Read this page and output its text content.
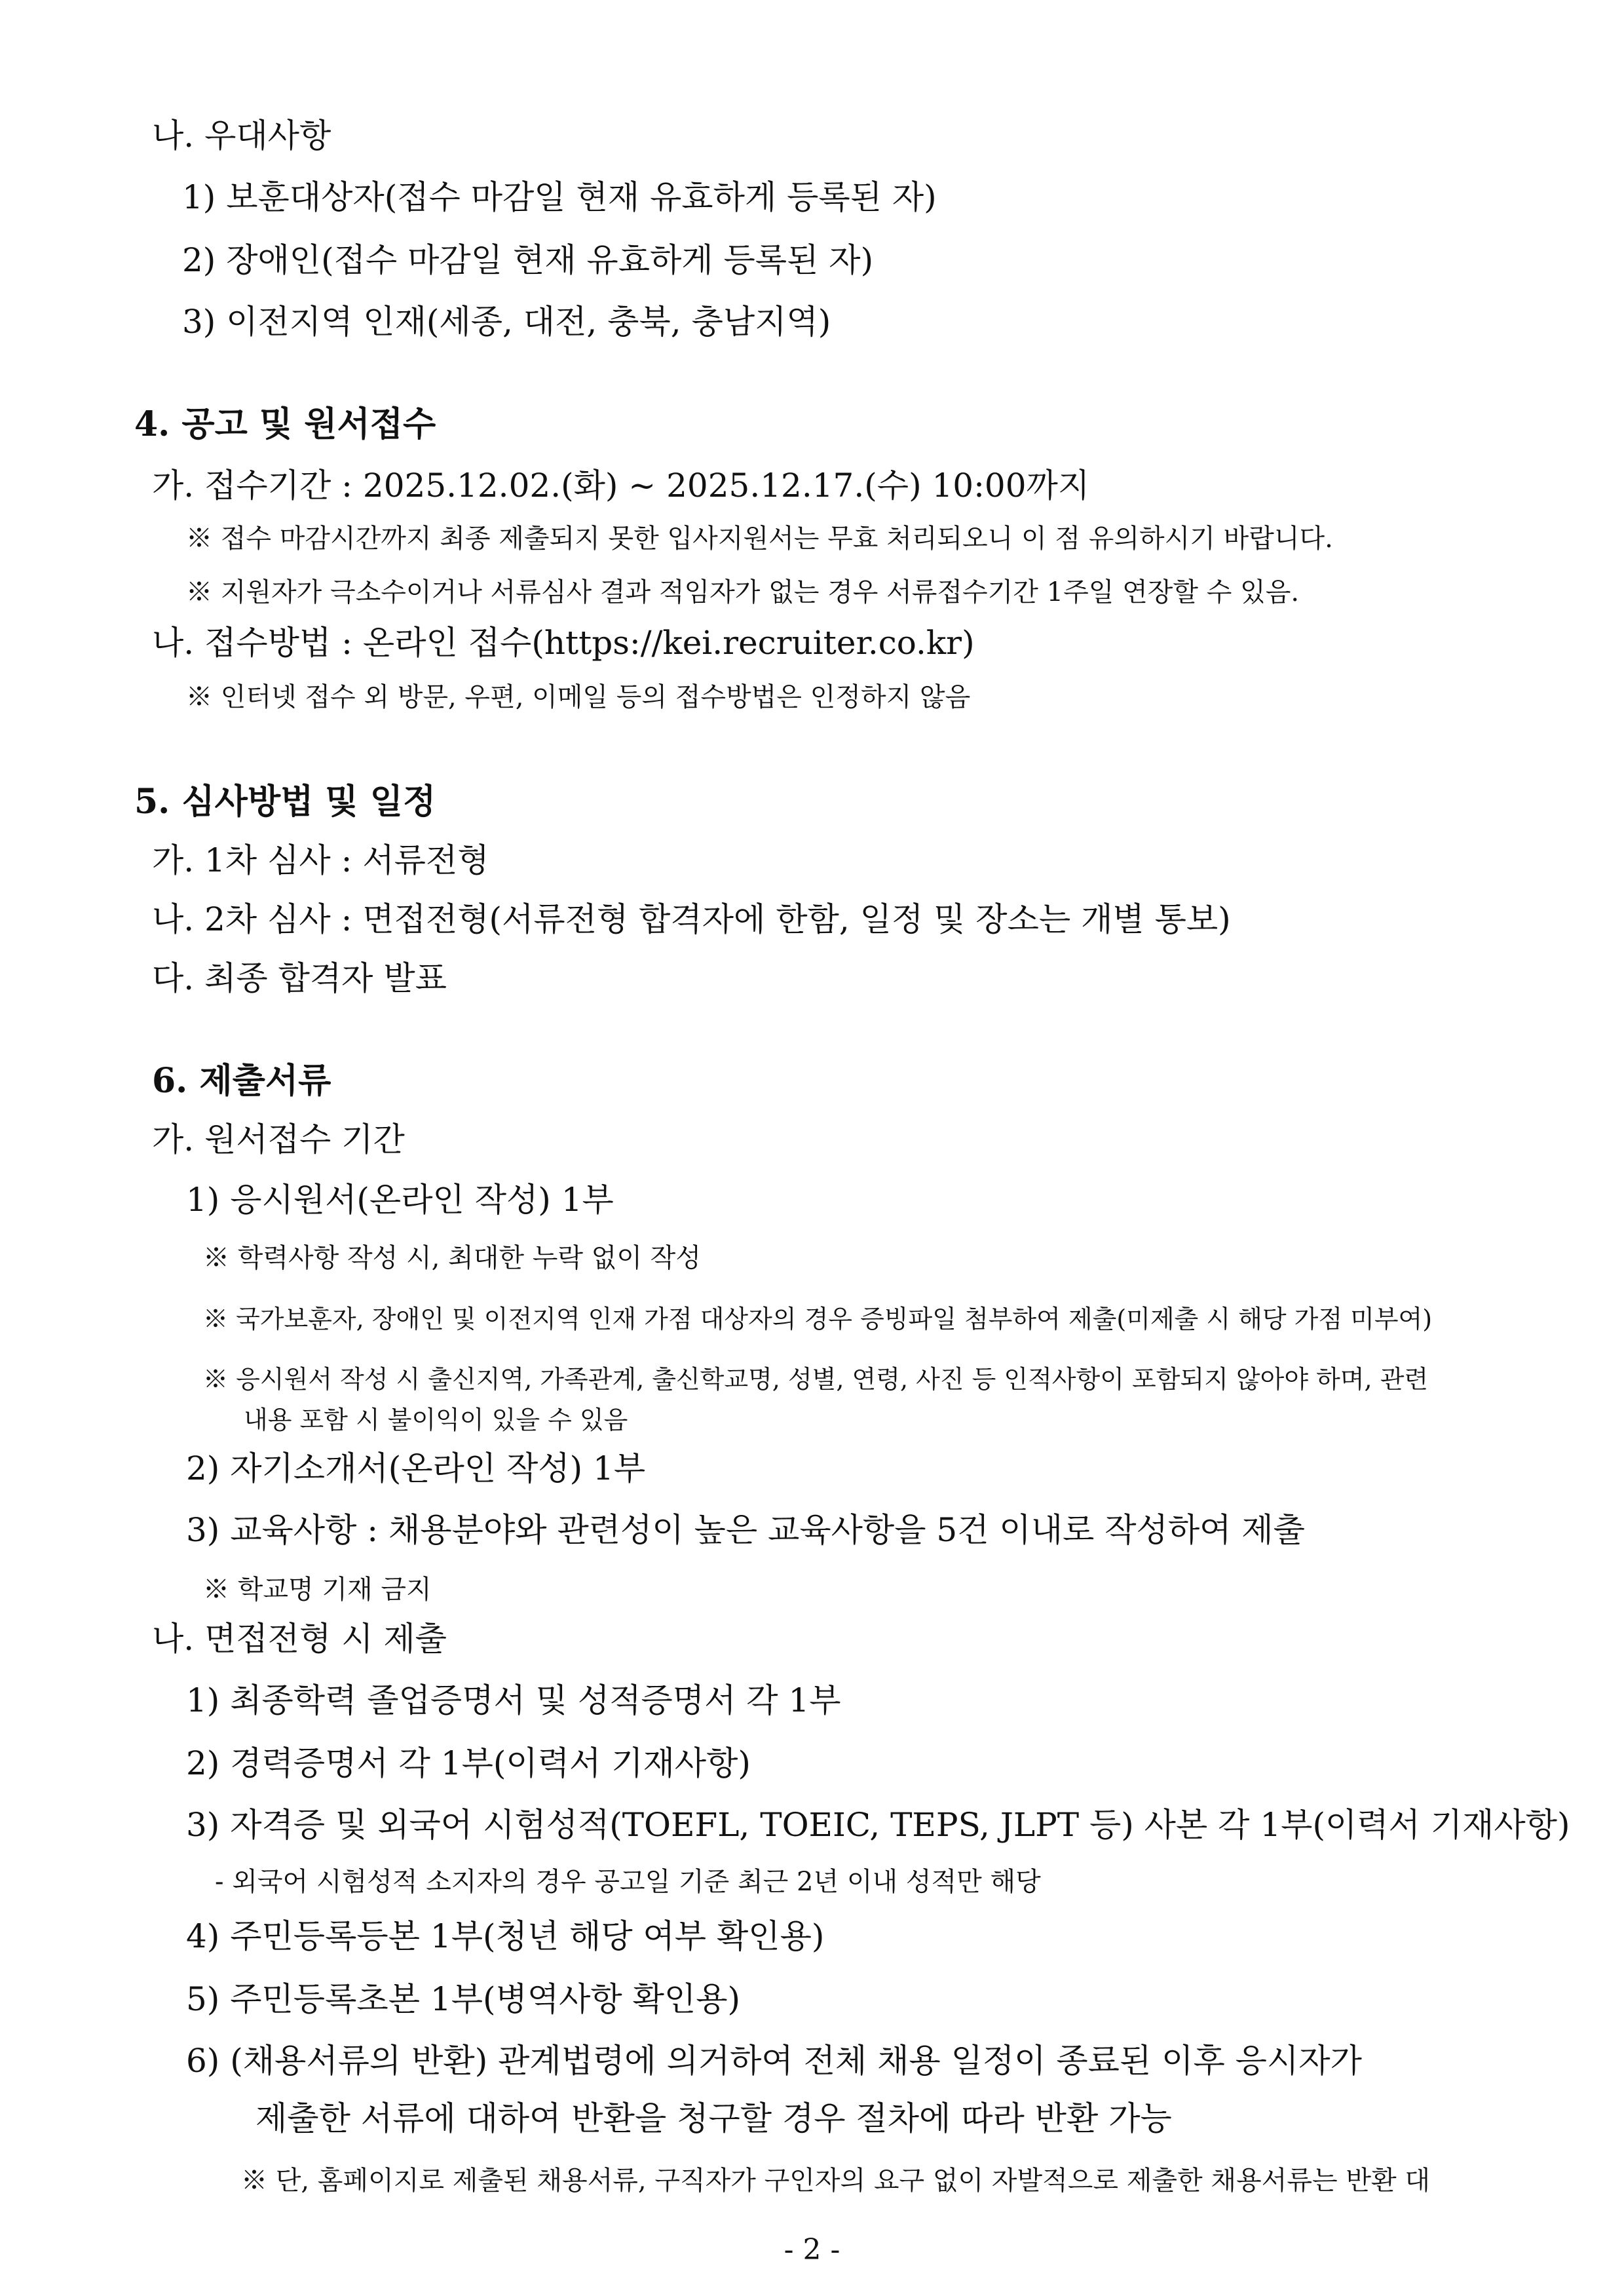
나. 우대사항
1) 보훈대상자(접수 마감일 현재 유효하게 등록된 자)
2) 장애인(접수 마감일 현재 유효하게 등록된 자)
3) 이전지역 인재(세종, 대전, 충북, 충남지역)
4. 공고 및 원서접수
가. 접수기간 : 2025.12.02.(화) ~ 2025.12.17.(수) 10:00까지
※ 접수 마감시간까지 최종 제출되지 못한 입사지원서는 무효 처리되오니 이 점 유의하시기 바랍니다.
※ 지원자가 극소수이거나 서류심사 결과 적임자가 없는 경우 서류접수기간 1주일 연장할 수 있음.
나. 접수방법 : 온라인 접수(https://kei.recruiter.co.kr)
※ 인터넷 접수 외 방문, 우편, 이메일 등의 접수방법은 인정하지 않음
5. 심사방법 및 일정
가. 1차 심사 : 서류전형
나. 2차 심사 : 면접전형(서류전형 합격자에 한함, 일정 및 장소는 개별 통보)
다. 최종 합격자 발표
6. 제출서류
가. 원서접수 기간
1) 응시원서(온라인 작성) 1부
※ 학력사항 작성 시, 최대한 누락 없이 작성
※ 국가보훈자, 장애인 및 이전지역 인재 가점 대상자의 경우 증빙파일 첨부하여 제출(미제출 시 해당 가점 미부여)
※ 응시원서 작성 시 출신지역, 가족관계, 출신학교명, 성별, 연령, 사진 등 인적사항이 포함되지 않아야 하며, 관련
내용 포함 시 불이익이 있을 수 있음
2) 자기소개서(온라인 작성) 1부
3) 교육사항 : 채용분야와 관련성이 높은 교육사항을 5건 이내로 작성하여 제출
※ 학교명 기재 금지
나. 면접전형 시 제출
1) 최종학력 졸업증명서 및 성적증명서 각 1부
2) 경력증명서 각 1부(이력서 기재사항)
3) 자격증 및 외국어 시험성적(TOEFL, TOEIC, TEPS, JLPT 등) 사본 각 1부(이력서 기재사항)
- 외국어 시험성적 소지자의 경우 공고일 기준 최근 2년 이내 성적만 해당
4) 주민등록등본 1부(청년 해당 여부 확인용)
5) 주민등록초본 1부(병역사항 확인용)
6) (채용서류의 반환) 관계법령에 의거하여 전체 채용 일정이 종료된 이후 응시자가
제출한 서류에 대하여 반환을 청구할 경우 절차에 따라 반환 가능
※ 단, 홈페이지로 제출된 채용서류, 구직자가 구인자의 요구 없이 자발적으로 제출한 채용서류는 반환 대
- 2 -
